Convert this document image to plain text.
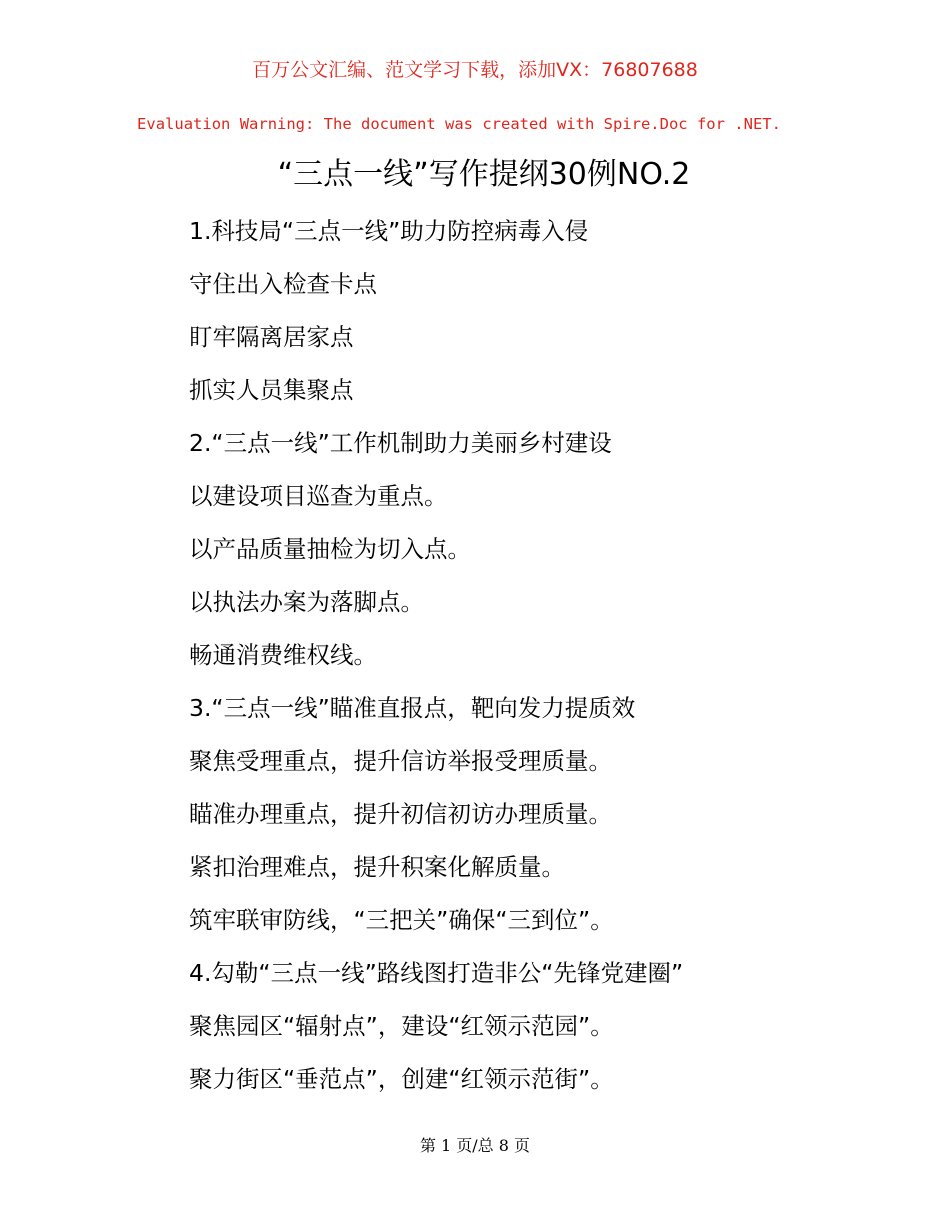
百万公文汇编、范文学习下载，添加VX：76807688
Evaluation Warning: The document was created with Spire.Doc for .NET.
“三点一线”写作提纲30例NO.2
1.科技局“三点一线”助力防控病毒入侵
守住出入检查卡点
盯牢隔离居家点
抓实人员集聚点
2.“三点一线”工作机制助力美丽乡村建设
以建设项目巡查为重点。
以产品质量抽检为切入点。
以执法办案为落脚点。
畅通消费维权线。
3.“三点一线”瞄准直报点，靶向发力提质效
聚焦受理重点，提升信访举报受理质量。
瞄准办理重点，提升初信初访办理质量。
紧扣治理难点，提升积案化解质量。
筑牢联审防线，“三把关”确保“三到位”。
4.勾勒“三点一线”路线图打造非公“先锋党建圈”
聚焦园区“辐射点”，建设“红领示范园”。
聚力街区“垂范点”，创建“红领示范街”。
第 1 页/总 8 页
